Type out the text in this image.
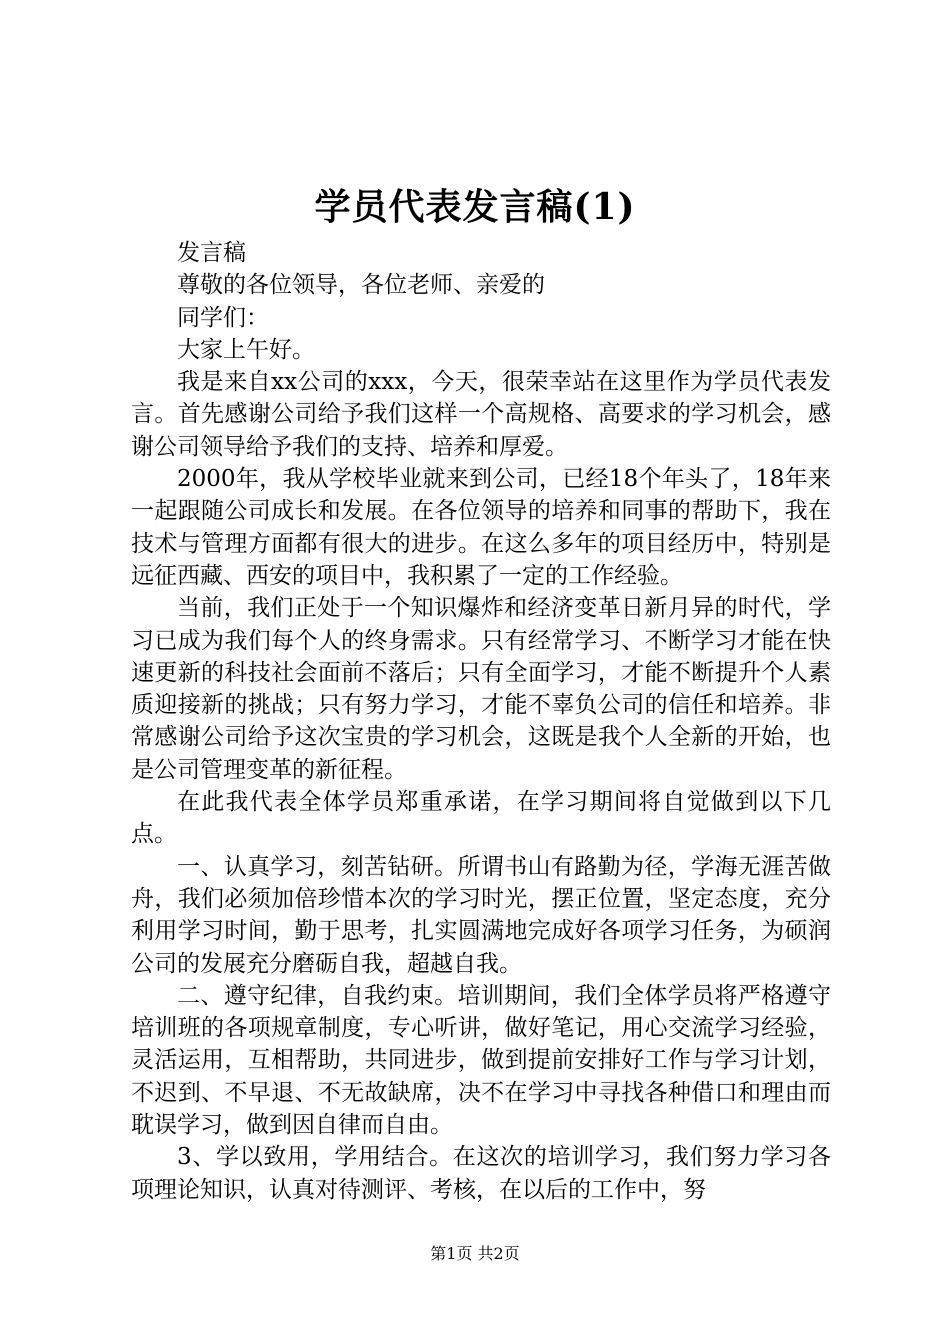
学员代表发言稿(1)

发言稿

尊敬的各位领导，各位老师、亲爱的

同学们：

大家上午好。

我是来自xx公司的xxx，今天，很荣幸站在这里作为学员代表发言。首先感谢公司给予我们这样一个高规格、高要求的学习机会，感谢公司领导给予我们的支持、培养和厚爱。

2000年，我从学校毕业就来到公司，已经18个年头了，18年来一起跟随公司成长和发展。在各位领导的培养和同事的帮助下，我在技术与管理方面都有很大的进步。在这么多年的项目经历中，特别是远征西藏、西安的项目中，我积累了一定的工作经验。

当前，我们正处于一个知识爆炸和经济变革日新月异的时代，学习已成为我们每个人的终身需求。只有经常学习、不断学习才能在快速更新的科技社会面前不落后；只有全面学习，才能不断提升个人素质迎接新的挑战；只有努力学习，才能不辜负公司的信任和培养。非常感谢公司给予这次宝贵的学习机会，这既是我个人全新的开始，也是公司管理变革的新征程。

在此我代表全体学员郑重承诺，在学习期间将自觉做到以下几点。

一、认真学习，刻苦钻研。所谓书山有路勤为径，学海无涯苦做舟，我们必须加倍珍惜本次的学习时光，摆正位置，坚定态度，充分利用学习时间，勤于思考，扎实圆满地完成好各项学习任务，为硕润公司的发展充分磨砺自我，超越自我。

二、遵守纪律，自我约束。培训期间，我们全体学员将严格遵守培训班的各项规章制度，专心听讲，做好笔记，用心交流学习经验，灵活运用，互相帮助，共同进步，做到提前安排好工作与学习计划，不迟到、不早退、不无故缺席，决不在学习中寻找各种借口和理由而耽误学习，做到因自律而自由。

3、学以致用，学用结合。在这次的培训学习，我们努力学习各项理论知识，认真对待测评、考核，在以后的工作中，努

第1页 共2页
